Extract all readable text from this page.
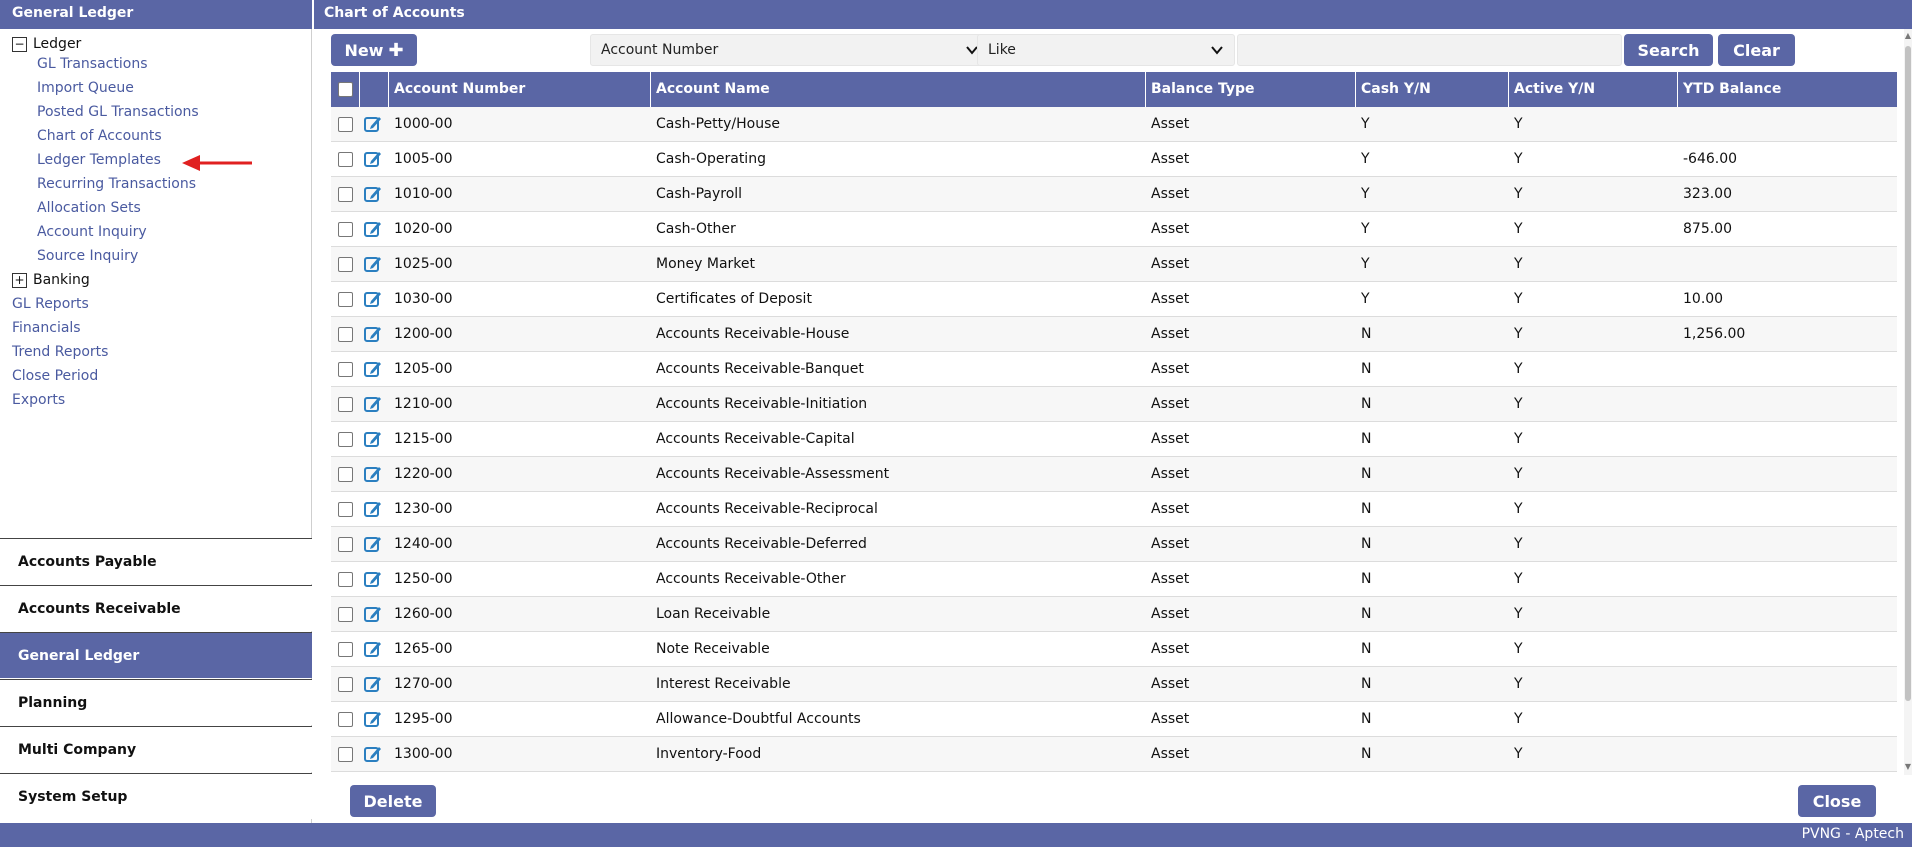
General Ledger	Chart of Accounts
− Ledger
GL Transactions
Import Queue
Posted GL Transactions
Chart of Accounts
Ledger Templates
Recurring Transactions
Allocation Sets
Account Inquiry
Source Inquiry
+ Banking
GL Reports
Financials
Trend Reports
Close Period
Exports
Accounts Payable
Accounts Receivable
General Ledger
Planning
Multi Company
System Setup
New ✚	Account Number	Like	Search	Clear
Account Number	Account Name	Balance Type	Cash Y/N	Active Y/N	YTD Balance
1000-00	Cash-Petty/House	Asset	Y	Y
1005-00	Cash-Operating	Asset	Y	Y	-646.00
1010-00	Cash-Payroll	Asset	Y	Y	323.00
1020-00	Cash-Other	Asset	Y	Y	875.00
1025-00	Money Market	Asset	Y	Y
1030-00	Certificates of Deposit	Asset	Y	Y	10.00
1200-00	Accounts Receivable-House	Asset	N	Y	1,256.00
1205-00	Accounts Receivable-Banquet	Asset	N	Y
1210-00	Accounts Receivable-Initiation	Asset	N	Y
1215-00	Accounts Receivable-Capital	Asset	N	Y
1220-00	Accounts Receivable-Assessment	Asset	N	Y
1230-00	Accounts Receivable-Reciprocal	Asset	N	Y
1240-00	Accounts Receivable-Deferred	Asset	N	Y
1250-00	Accounts Receivable-Other	Asset	N	Y
1260-00	Loan Receivable	Asset	N	Y
1265-00	Note Receivable	Asset	N	Y
1270-00	Interest Receivable	Asset	N	Y
1295-00	Allowance-Doubtful Accounts	Asset	N	Y
1300-00	Inventory-Food	Asset	N	Y
Delete	Close
▲
▼
PVNG - Aptech
